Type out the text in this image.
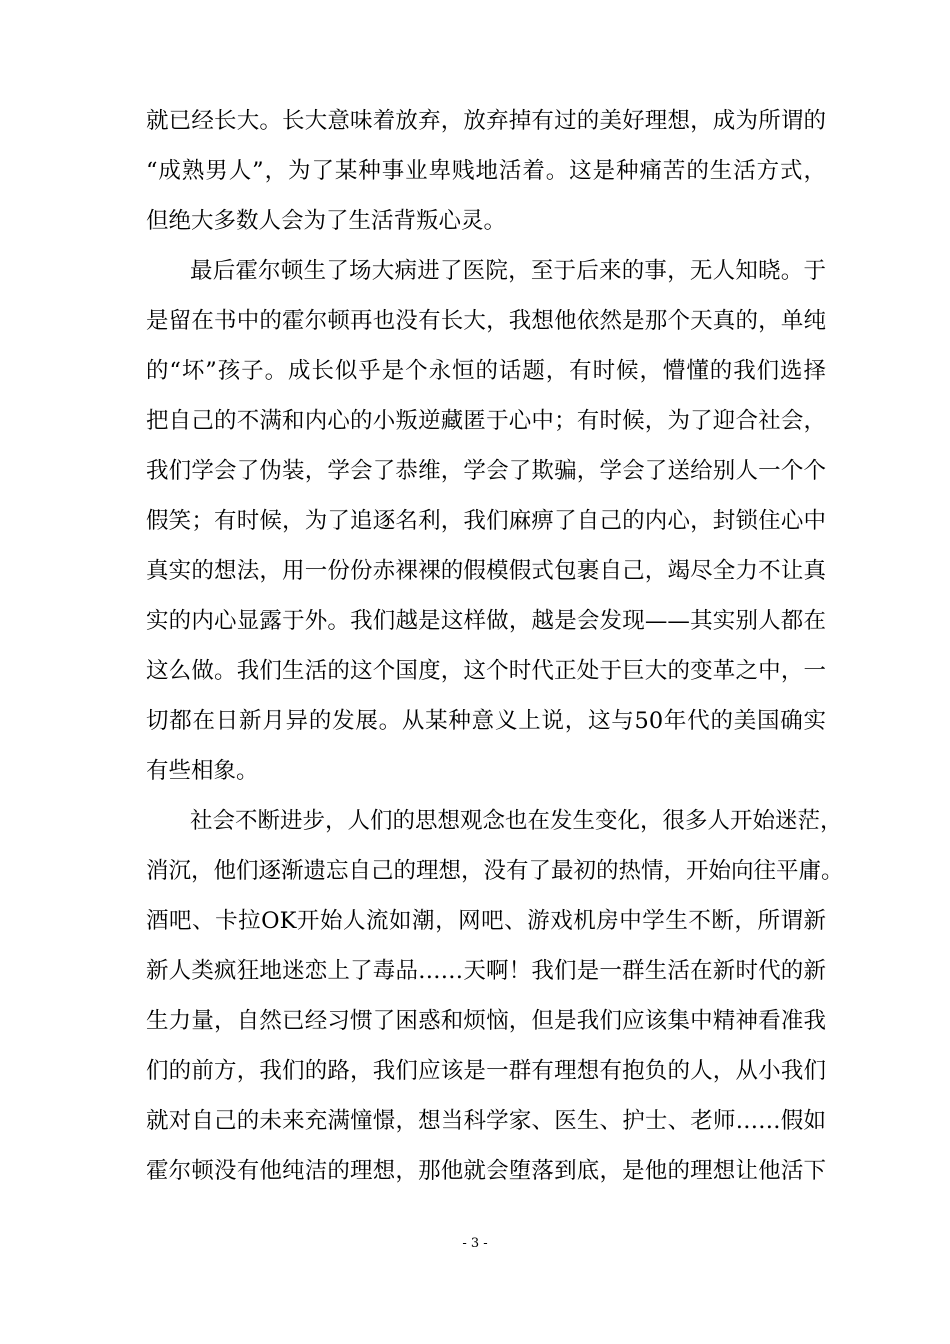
就已经长大。长大意味着放弃，放弃掉有过的美好理想，成为所谓的
“成熟男人”，为了某种事业卑贱地活着。这是种痛苦的生活方式，
但绝大多数人会为了生活背叛心灵。
最后霍尔顿生了场大病进了医院，至于后来的事，无人知晓。于
是留在书中的霍尔顿再也没有长大，我想他依然是那个天真的，单纯
的“坏”孩子。成长似乎是个永恒的话题，有时候，懵懂的我们选择
把自己的不满和内心的小叛逆藏匿于心中；有时候，为了迎合社会，
我们学会了伪装，学会了恭维，学会了欺骗，学会了送给别人一个个
假笑；有时候，为了追逐名利，我们麻痹了自己的内心，封锁住心中
真实的想法，用一份份赤裸裸的假模假式包裹自己，竭尽全力不让真
实的内心显露于外。我们越是这样做，越是会发现——其实别人都在
这么做。我们生活的这个国度，这个时代正处于巨大的变革之中，一
切都在日新月异的发展。从某种意义上说，这与50年代的美国确实
有些相象。
社会不断进步，人们的思想观念也在发生变化，很多人开始迷茫，
消沉，他们逐渐遗忘自己的理想，没有了最初的热情，开始向往平庸。
酒吧、卡拉OK开始人流如潮，网吧、游戏机房中学生不断，所谓新
新人类疯狂地迷恋上了毒品……天啊！我们是一群生活在新时代的新
生力量，自然已经习惯了困惑和烦恼，但是我们应该集中精神看准我
们的前方，我们的路，我们应该是一群有理想有抱负的人，从小我们
就对自己的未来充满憧憬，想当科学家、医生、护士、老师……假如
霍尔顿没有他纯洁的理想，那他就会堕落到底，是他的理想让他活下
- 3 -
